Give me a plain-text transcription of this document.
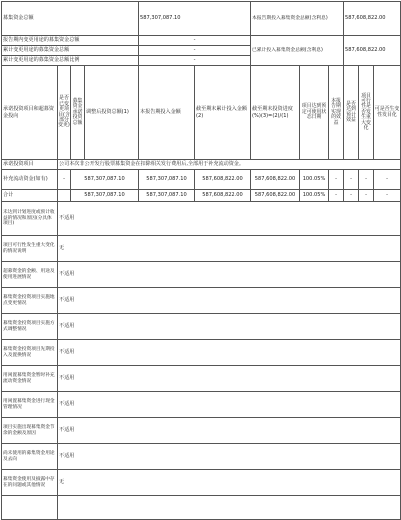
募集资金总额				587,307,087.10		本报告期投入募集资金总额(含利息)			587,608,822.00		
报告期内变更用途的募集资金总额				-		已累计投入募集资金总额(含利息)			587,608,822.00		
累计变更用途的募集资金总额				-							
累计变更用途的募集资金总额比例				-							
承诺投资项目和超募资金投向	是否已变更项目(含部分变更)	募集资金承诺投资总额	调整后投资总额(1)	本报告期投入金额	截至期末累计投入金额(2)	截至期末投资进度(%)(3)=(2)/(1)	项目达到预定可使用状态日期	本报告期实现的效益	是否达到预计效益	项目可行性是否发生重大变化	可是否生变性发目化
承诺投资项目	公司本次非公开发行股票募集资金在扣除相关发行费用后,全部用于补充流动资金。										
补充流动资金(如有)	-	587,307,087.10		587,307,087.10	587,608,822.00	587,608,822.00	100.05%	-	-	-	-
合计		587,307,087.10		587,307,087.10	587,608,822.00	587,608,822.00	100.05%	-	-	-	-
未达到计划进度或预计收益的情况和原因(分具体项目)	不适用										
项目可行性发生重大变化的情况说明	无										
超募资金的金额、用途及使用进展情况	不适用										
募集资金投资项目实施地点变更情况	不适用										
募集资金投资项目实施方式调整情况	不适用										
募集资金投资项目先期投入及置换情况	不适用										
用闲置募集资金暂时补充流动资金情况	不适用										
用闲置募集资金进行现金管理情况	不适用										
项目实施出现募集资金节余的金额及原因	不适用										
尚未使用的募集资金用途及去向	不适用										
募集资金使用及披露中存在的问题或其他情况	无										
